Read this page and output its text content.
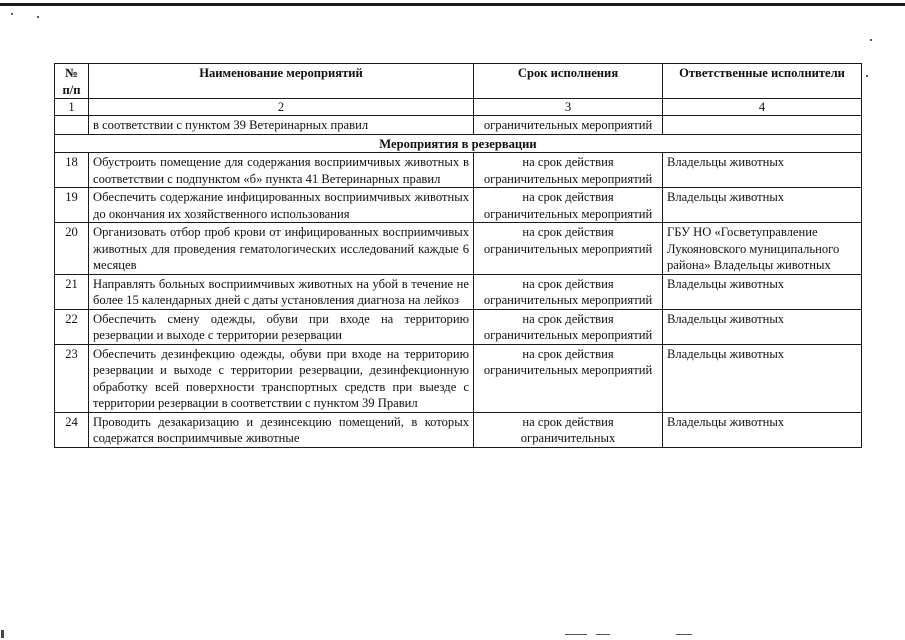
№ п/п	Наименование мероприятий	Срок исполнения	Ответственные исполнители
1	2	3	4
	в соответствии с пунктом 39 Ветеринарных правил	ограничительных мероприятий	
Мероприятия в резервации			
18	Обустроить помещение для содержания восприимчивых животных в соответствии с подпунктом «б» пункта 41 Ветеринарных правил	на срок действия ограничительных мероприятий	Владельцы животных
19	Обеспечить содержание инфицированных восприимчивых животных до окончания их хозяйственного использования	на срок действия ограничительных мероприятий	Владельцы животных
20	Организовать отбор проб крови от инфицированных восприимчивых животных для проведения гематологических исследований каждые 6 месяцев	на срок действия ограничительных мероприятий	ГБУ НО «Госветуправление Лукояновского муниципального района» Владельцы животных
21	Направлять больных восприимчивых животных на убой в течение не более 15 календарных дней с даты установления диагноза на лейкоз	на срок действия ограничительных мероприятий	Владельцы животных
22	Обеспечить смену одежды, обуви при входе на территорию резервации и выходе с территории резервации	на срок действия ограничительных мероприятий	Владельцы животных
23	Обеспечить дезинфекцию одежды, обуви при входе на территорию резервации и выходе с территории резервации, дезинфекционную обработку всей поверхности транспортных средств при выезде с территории резервации в соответствии с пунктом 39 Правил	на срок действия ограничительных мероприятий	Владельцы животных
24	Проводить дезакаризацию и дезинсекцию помещений, в которых содержатся восприимчивые животные	на срок действия ограничительных	Владельцы животных
